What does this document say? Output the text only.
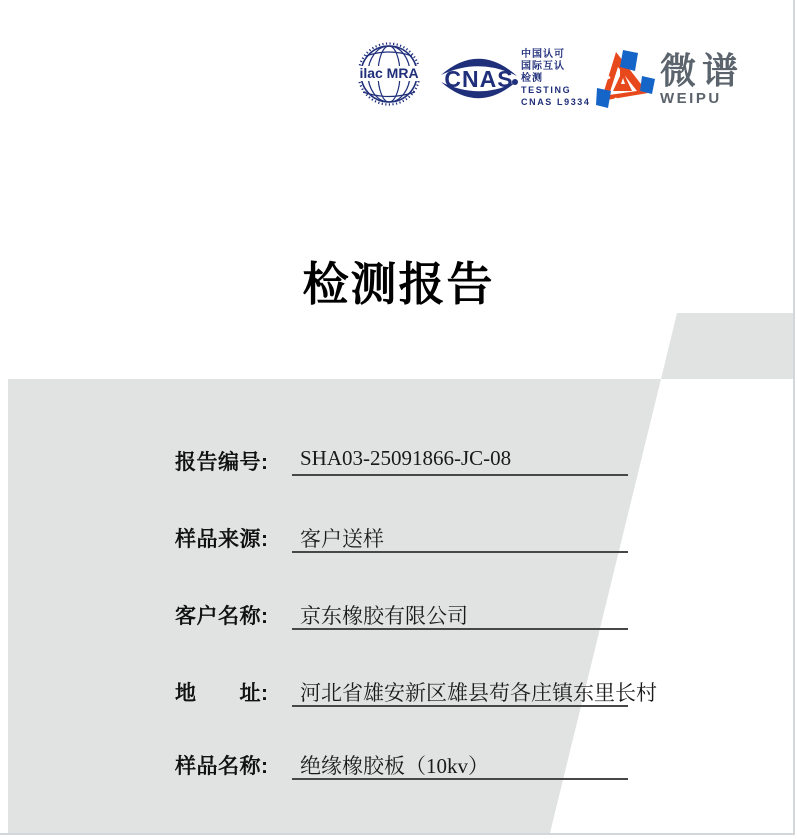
ilac MRA CNAS
中国认可
国际互认
检测
TESTING
CNAS L9334
微谱
WEIPU
检测报告
报告编号: SHA03-25091866-JC-08
样品来源: 客户送样
客户名称: 京东橡胶有限公司
地　　址: 河北省雄安新区雄县苟各庄镇东里长村
样品名称: 绝缘橡胶板（10kv）
